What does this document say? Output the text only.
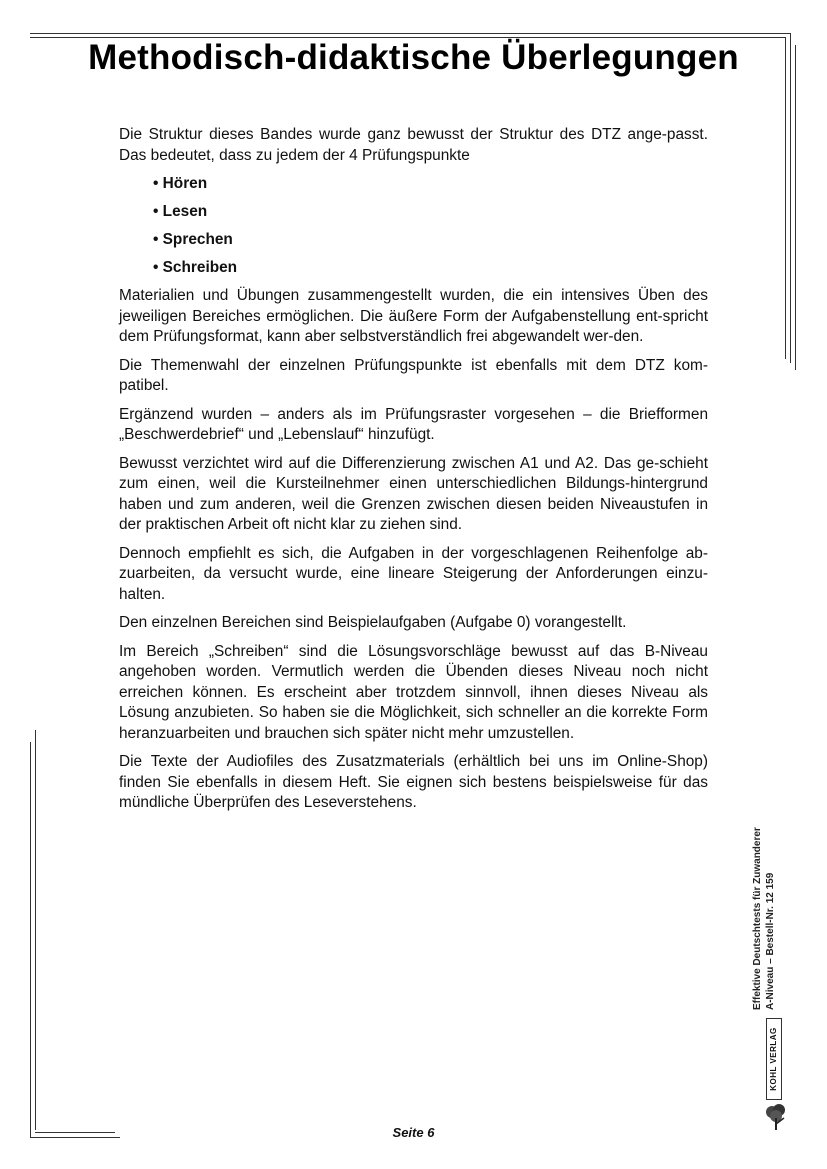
Methodisch-didaktische Überlegungen

Die Struktur dieses Bandes wurde ganz bewusst der Struktur des DTZ ange-passt. Das bedeutet, dass zu jedem der 4 Prüfungspunkte

• Hören
• Lesen
• Sprechen
• Schreiben

Materialien und Übungen zusammengestellt wurden, die ein intensives Üben des jeweiligen Bereiches ermöglichen. Die äußere Form der Aufgabenstellung ent-spricht dem Prüfungsformat, kann aber selbstverständlich frei abgewandelt wer-den.

Die Themenwahl der einzelnen Prüfungspunkte ist ebenfalls mit dem DTZ kom-patibel.

Ergänzend wurden – anders als im Prüfungsraster vorgesehen – die Briefformen „Beschwerdebrief“ und „Lebenslauf“ hinzufügt.

Bewusst verzichtet wird auf die Differenzierung zwischen A1 und A2. Das ge-schieht zum einen, weil die Kursteilnehmer einen unterschiedlichen Bildungs-hintergrund haben und zum anderen, weil die Grenzen zwischen diesen beiden Niveaustufen in der praktischen Arbeit oft nicht klar zu ziehen sind.

Dennoch empfiehlt es sich, die Aufgaben in der vorgeschlagenen Reihenfolge ab-zuarbeiten, da versucht wurde, eine lineare Steigerung der Anforderungen einzu-halten.

Den einzelnen Bereichen sind Beispielaufgaben (Aufgabe 0) vorangestellt.

Im Bereich „Schreiben“ sind die Lösungsvorschläge bewusst auf das B-Niveau angehoben worden. Vermutlich werden die Übenden dieses Niveau noch nicht erreichen können. Es erscheint aber trotzdem sinnvoll, ihnen dieses Niveau als Lösung anzubieten. So haben sie die Möglichkeit, sich schneller an die korrekte Form heranzuarbeiten und brauchen sich später nicht mehr umzustellen.

Die Texte der Audiofiles des Zusatzmaterials (erhältlich bei uns im Online-Shop) finden Sie ebenfalls in diesem Heft. Sie eignen sich bestens beispielsweise für das mündliche Überprüfen des Leseverstehens.

Effektive Deutschtests für Zuwanderer A-Niveau – Bestell-Nr. 12 159
KOHL VERLAG
Seite 6
